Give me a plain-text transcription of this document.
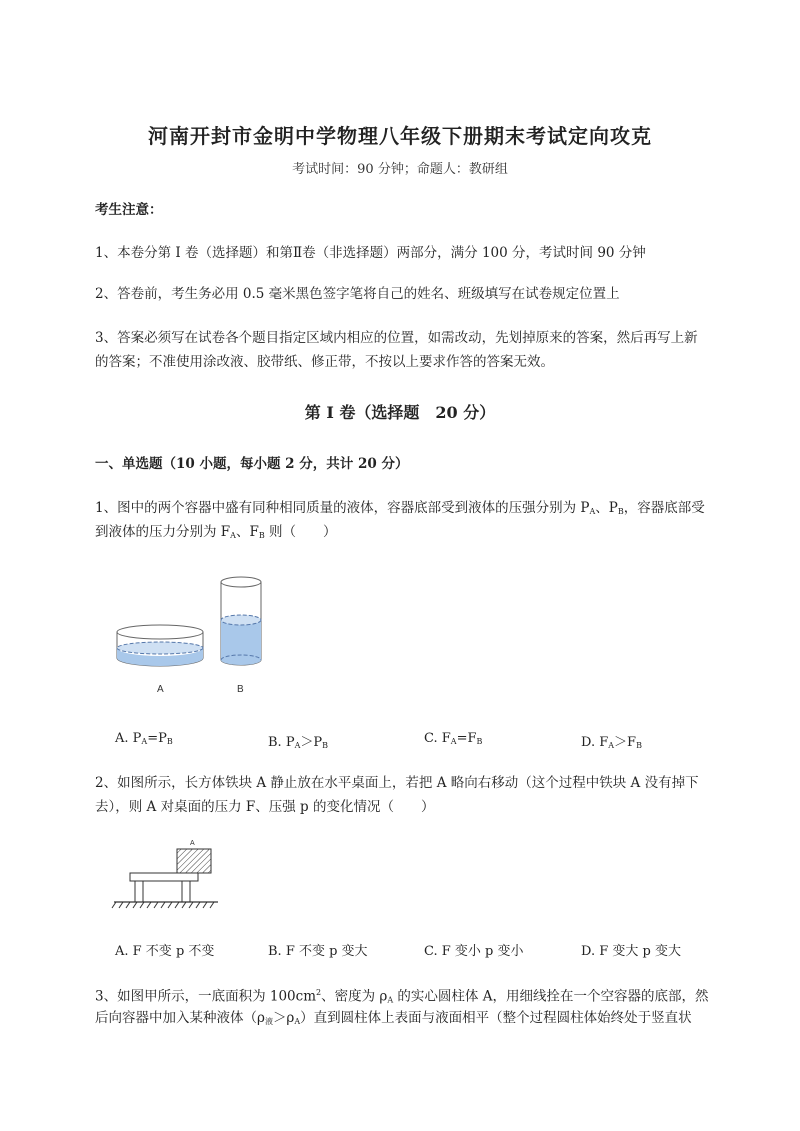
河南开封市金明中学物理八年级下册期末考试定向攻克
考试时间：90 分钟；命题人：教研组
考生注意：
1、本卷分第 I 卷（选择题）和第Ⅱ卷（非选择题）两部分，满分 100 分，考试时间 90 分钟
2、答卷前，考生务必用 0.5 毫米黑色签字笔将自己的姓名、班级填写在试卷规定位置上
3、答案必须写在试卷各个题目指定区域内相应的位置，如需改动，先划掉原来的答案，然后再写上新
的答案；不准使用涂改液、胶带纸、修正带，不按以上要求作答的答案无效。
第 I 卷（选择题　20 分）
一、单选题（10 小题，每小题 2 分，共计 20 分）
1、图中的两个容器中盛有同种相同质量的液体，容器底部受到液体的压强分别为 $P_A$、$P_B$，容器底部受
到液体的压力分别为 $F_A$、$F_B$ 则（　　）
A	B
A. $P_A=P_B$	B. $P_A>P_B$	C. $F_A=F_B$	D. $F_A>F_B$
2、如图所示，长方体铁块 A 静止放在水平桌面上，若把 A 略向右移动（这个过程中铁块 A 没有掉下
去），则 A 对桌面的压力 F、压强 p 的变化情况（　　）
A
A. F 不变 p 不变	B. F 不变 p 变大	C. F 变小 p 变小	D. F 变大 p 变大
3、如图甲所示，一底面积为 $100cm^2$、密度为 $\rho_A$ 的实心圆柱体 A，用细线拴在一个空容器的底部，然
后向容器中加入某种液体$(\rho_液>\rho_A)$直到圆柱体上表面与液面相平（整个过程圆柱体始终处于竖直状
